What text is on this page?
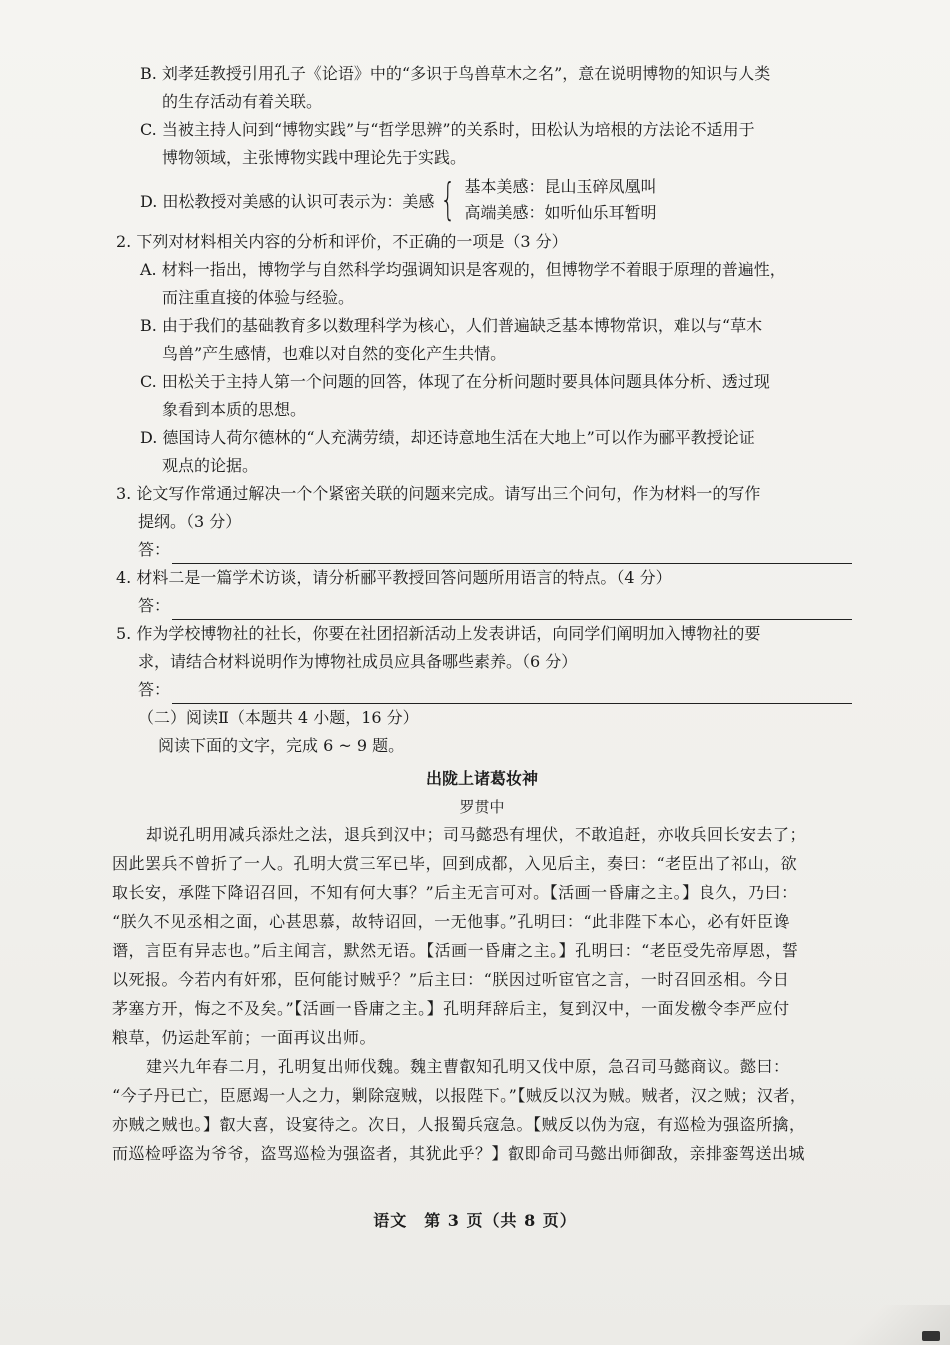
B. 刘孝廷教授引用孔子《论语》中的“多识于鸟兽草木之名”，意在说明博物的知识与人类
的生存活动有着关联。
C. 当被主持人问到“博物实践”与“哲学思辨”的关系时，田松认为培根的方法论不适用于
博物领域，主张博物实践中理论先于实践。
D. 田松教授对美感的认识可表示为：美感 { 基本美感：昆山玉碎凤凰叫
高端美感：如听仙乐耳暂明
2. 下列对材料相关内容的分析和评价，不正确的一项是（3 分）
A. 材料一指出，博物学与自然科学均强调知识是客观的，但博物学不着眼于原理的普遍性，
而注重直接的体验与经验。
B. 由于我们的基础教育多以数理科学为核心，人们普遍缺乏基本博物常识，难以与“草木
鸟兽”产生感情，也难以对自然的变化产生共情。
C. 田松关于主持人第一个问题的回答，体现了在分析问题时要具体问题具体分析、透过现
象看到本质的思想。
D. 德国诗人荷尔德林的“人充满劳绩，却还诗意地生活在大地上”可以作为郦平教授论证
观点的论据。
3. 论文写作常通过解决一个个紧密关联的问题来完成。请写出三个问句，作为材料一的写作
提纲。（3 分）
答：
4. 材料二是一篇学术访谈，请分析郦平教授回答问题所用语言的特点。（4 分）
答：
5. 作为学校博物社的社长，你要在社团招新活动上发表讲话，向同学们阐明加入博物社的要
求，请结合材料说明作为博物社成员应具备哪些素养。（6 分）
答：
（二）阅读Ⅱ（本题共 4 小题，16 分）
阅读下面的文字，完成 6 ~ 9 题。
出陇上诸葛妆神
罗贯中
却说孔明用减兵添灶之法，退兵到汉中；司马懿恐有埋伏，不敢追赶，亦收兵回长安去了；
因此罢兵不曾折了一人。孔明大赏三军已毕，回到成都，入见后主，奏曰：“老臣出了祁山，欲
取长安，承陛下降诏召回，不知有何大事？”后主无言可对。【活画一昏庸之主。】良久，乃曰：
“朕久不见丞相之面，心甚思慕，故特诏回，一无他事。”孔明曰：“此非陛下本心，必有奸臣谗
谮，言臣有异志也。”后主闻言，默然无语。【活画一昏庸之主。】孔明曰：“老臣受先帝厚恩，誓
以死报。今若内有奸邪，臣何能讨贼乎？”后主曰：“朕因过听宦官之言，一时召回丞相。今日
茅塞方开，悔之不及矣。”【活画一昏庸之主。】孔明拜辞后主，复到汉中，一面发檄令李严应付
粮草，仍运赴军前；一面再议出师。
建兴九年春二月，孔明复出师伐魏。魏主曹叡知孔明又伐中原，急召司马懿商议。懿曰：
“今子丹已亡，臣愿竭一人之力，剿除寇贼，以报陛下。”【贼反以汉为贼。贼者，汉之贼；汉者，
亦贼之贼也。】叡大喜，设宴待之。次日，人报蜀兵寇急。【贼反以伪为寇，有巡检为强盗所擒，
而巡检呼盗为爷爷，盗骂巡检为强盗者，其犹此乎？】叡即命司马懿出师御敌，亲排銮驾送出城
语文　第 3 页（共 8 页）
